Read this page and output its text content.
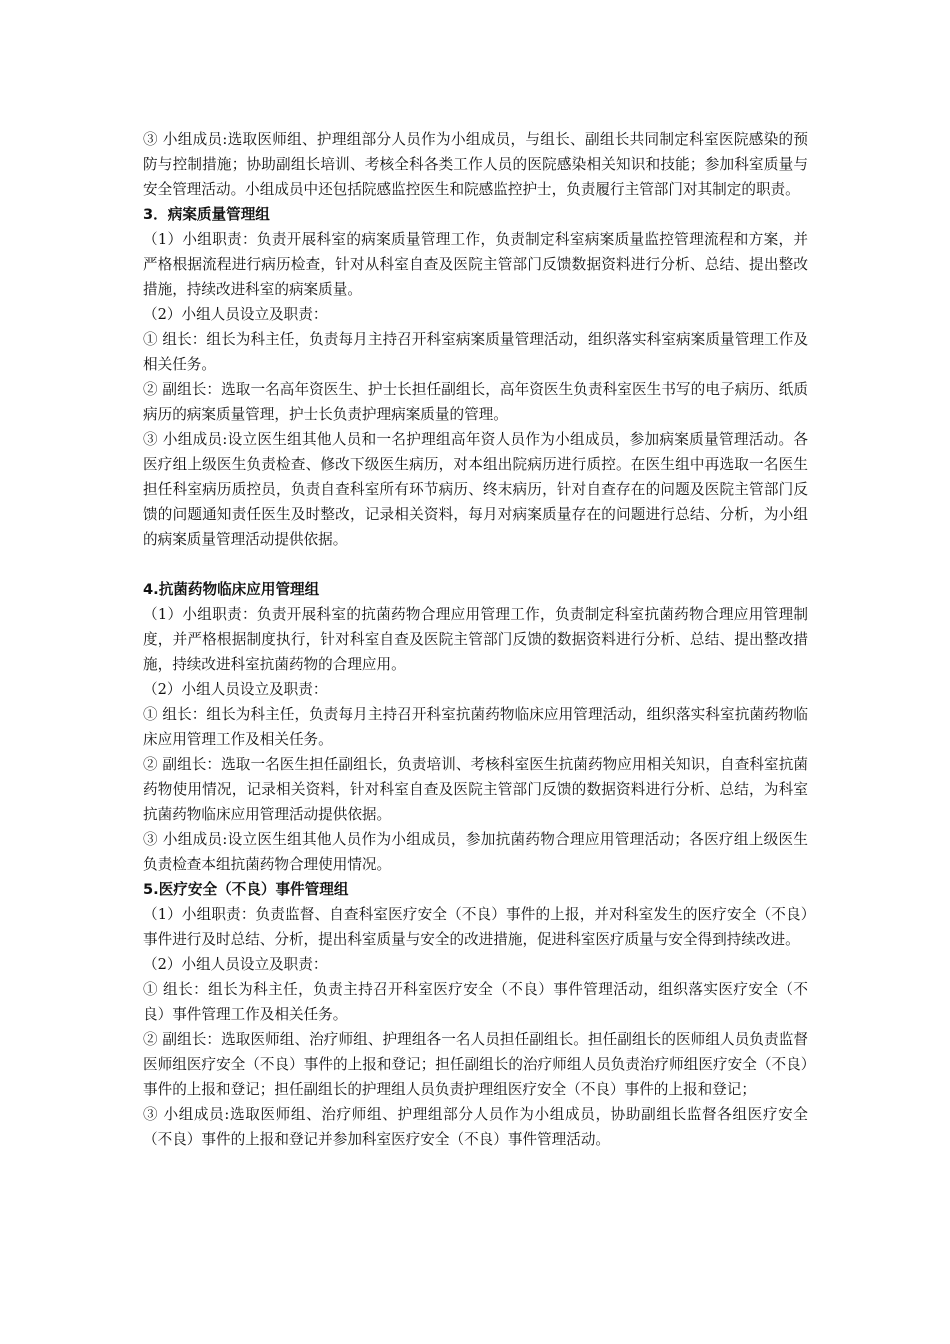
③ 小组成员:选取医师组、护理组部分人员作为小组成员，与组长、副组长共同制定科室医院感染的预防与控制措施；协助副组长培训、考核全科各类工作人员的医院感染相关知识和技能；参加科室质量与安全管理活动。小组成员中还包括院感监控医生和院感监控护士，负责履行主管部门对其制定的职责。

3．病案质量管理组

（1）小组职责：负责开展科室的病案质量管理工作，负责制定科室病案质量监控管理流程和方案，并严格根据流程进行病历检查，针对从科室自查及医院主管部门反馈数据资料进行分析、总结、提出整改措施，持续改进科室的病案质量。

（2）小组人员设立及职责：

① 组长：组长为科主任，负责每月主持召开科室病案质量管理活动，组织落实科室病案质量管理工作及相关任务。

② 副组长：选取一名高年资医生、护士长担任副组长，高年资医生负责科室医生书写的电子病历、纸质病历的病案质量管理，护士长负责护理病案质量的管理。

③ 小组成员:设立医生组其他人员和一名护理组高年资人员作为小组成员，参加病案质量管理活动。各医疗组上级医生负责检查、修改下级医生病历，对本组出院病历进行质控。在医生组中再选取一名医生担任科室病历质控员，负责自查科室所有环节病历、终末病历，针对自查存在的问题及医院主管部门反馈的问题通知责任医生及时整改，记录相关资料，每月对病案质量存在的问题进行总结、分析，为小组的病案质量管理活动提供依据。

4.抗菌药物临床应用管理组

（1）小组职责：负责开展科室的抗菌药物合理应用管理工作，负责制定科室抗菌药物合理应用管理制度，并严格根据制度执行，针对科室自查及医院主管部门反馈的数据资料进行分析、总结、提出整改措施，持续改进科室抗菌药物的合理应用。

（2）小组人员设立及职责：

① 组长：组长为科主任，负责每月主持召开科室抗菌药物临床应用管理活动，组织落实科室抗菌药物临床应用管理工作及相关任务。

② 副组长：选取一名医生担任副组长，负责培训、考核科室医生抗菌药物应用相关知识，自查科室抗菌药物使用情况，记录相关资料，针对科室自查及医院主管部门反馈的数据资料进行分析、总结，为科室抗菌药物临床应用管理活动提供依据。

③ 小组成员:设立医生组其他人员作为小组成员，参加抗菌药物合理应用管理活动；各医疗组上级医生负责检查本组抗菌药物合理使用情况。

5.医疗安全（不良）事件管理组

（1）小组职责：负责监督、自查科室医疗安全（不良）事件的上报，并对科室发生的医疗安全（不良）事件进行及时总结、分析，提出科室质量与安全的改进措施，促进科室医疗质量与安全得到持续改进。

（2）小组人员设立及职责：

① 组长：组长为科主任，负责主持召开科室医疗安全（不良）事件管理活动，组织落实医疗安全（不良）事件管理工作及相关任务。

② 副组长：选取医师组、治疗师组、护理组各一名人员担任副组长。担任副组长的医师组人员负责监督医师组医疗安全（不良）事件的上报和登记；担任副组长的治疗师组人员负责治疗师组医疗安全（不良）事件的上报和登记；担任副组长的护理组人员负责护理组医疗安全（不良）事件的上报和登记；

③ 小组成员:选取医师组、治疗师组、护理组部分人员作为小组成员，协助副组长监督各组医疗安全（不良）事件的上报和登记并参加科室医疗安全（不良）事件管理活动。
